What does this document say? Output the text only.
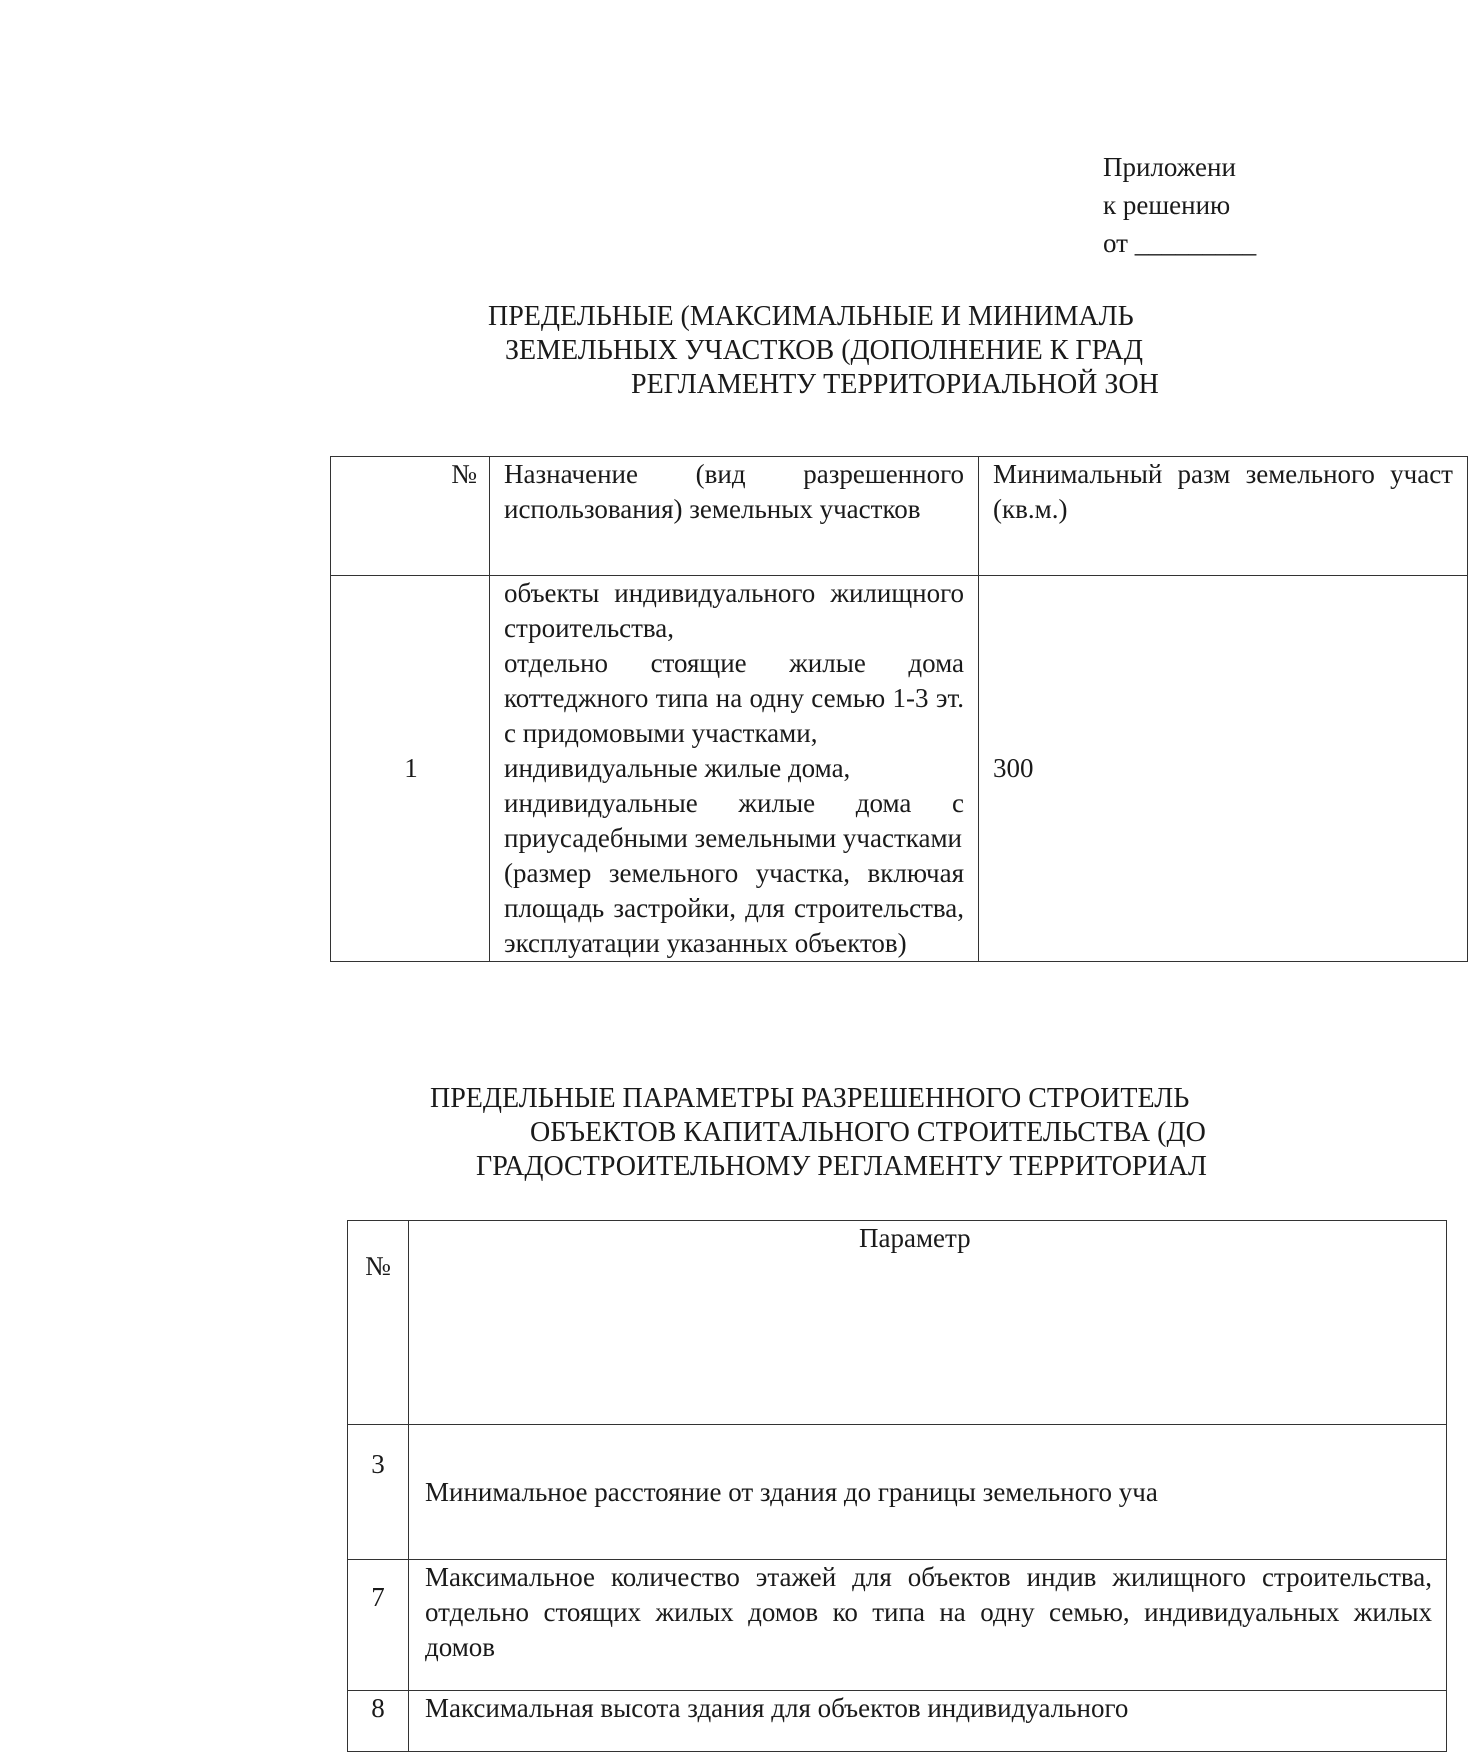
Приложени
к решению
от _________
ПРЕДЕЛЬНЫЕ (МАКСИМАЛЬНЫЕ И МИНИМАЛЬ
ЗЕМЕЛЬНЫХ УЧАСТКОВ (ДОПОЛНЕНИЕ К ГРАД
РЕГЛАМЕНТУ ТЕРРИТОРИАЛЬНОЙ ЗОН
№	Назначение (вид разрешенного использования) земельных участков	Минимальный разм земельного участ (кв.м.)
1	объекты индивидуального жилищного строительства,
отдельно стоящие жилые дома коттеджного типа на одну семью 1-3 эт. с придомовыми участками,
индивидуальные жилые дома,
индивидуальные жилые дома с приусадебными земельными участками
(размер земельного участка, включая площадь застройки, для строительства, эксплуатации указанных объектов)	300
ПРЕДЕЛЬНЫЕ ПАРАМЕТРЫ РАЗРЕШЕННОГО СТРОИТЕЛЬ
ОБЪЕКТОВ КАПИТАЛЬНОГО СТРОИТЕЛЬСТВА (ДО
ГРАДОСТРОИТЕЛЬНОМУ РЕГЛАМЕНТУ ТЕРРИТОРИАЛ
№	Параметр
3	Минимальное расстояние от здания до границы земельного уча
7	Максимальное количество этажей для объектов индив жилищного строительства, отдельно стоящих жилых домов ко типа на одну семью, индивидуальных жилых домов
8	Максимальная высота здания для объектов индивидуального
